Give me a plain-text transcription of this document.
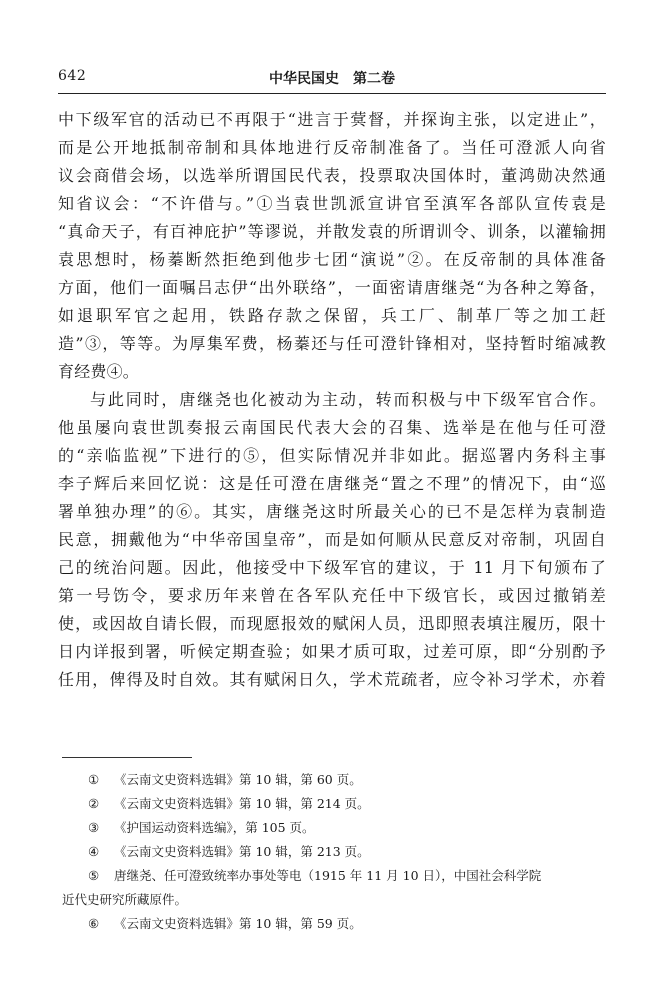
642	中华民国史　第二卷
中下级军官的活动已不再限于“进言于蓂督，并探询主张，以定进止”，
而是公开地抵制帝制和具体地进行反帝制准备了。当任可澄派人向省
议会商借会场，以选举所谓国民代表，投票取决国体时，董鸿勋决然通
知省议会：“不许借与。”①当袁世凯派宣讲官至滇军各部队宣传袁是
“真命天子，有百神庇护”等谬说，并散发袁的所谓训令、训条，以灌输拥
袁思想时，杨蓁断然拒绝到他步七团“演说”②。在反帝制的具体准备
方面，他们一面嘱吕志伊“出外联络”，一面密请唐继尧“为各种之筹备，
如退职军官之起用，铁路存款之保留，兵工厂、制革厂等之加工赶
造”③，等等。为厚集军费，杨蓁还与任可澄针锋相对，坚持暂时缩减教
育经费④。
与此同时，唐继尧也化被动为主动，转而积极与中下级军官合作。
他虽屡向袁世凯奏报云南国民代表大会的召集、选举是在他与任可澄
的“亲临监视”下进行的⑤，但实际情况并非如此。据巡署内务科主事
李子辉后来回忆说：这是任可澄在唐继尧“置之不理”的情况下，由“巡
署单独办理”的⑥。其实，唐继尧这时所最关心的已不是怎样为袁制造
民意，拥戴他为“中华帝国皇帝”，而是如何顺从民意反对帝制，巩固自
己的统治问题。因此，他接受中下级军官的建议，于 11 月下旬颁布了
第一号饬令，要求历年来曾在各军队充任中下级官长，或因过撤销差
使，或因故自请长假，而现愿报效的赋闲人员，迅即照表填注履历，限十
日内详报到署，听候定期查验；如果才质可取，过差可原，即“分别酌予
任用，俾得及时自效。其有赋闲日久，学术荒疏者，应令补习学术，亦着
① 《云南文史资料选辑》第 10 辑，第 60 页。
② 《云南文史资料选辑》第 10 辑，第 214 页。
③ 《护国运动资料选编》，第 105 页。
④ 《云南文史资料选辑》第 10 辑，第 213 页。
⑤ 唐继尧、任可澄致统率办事处等电（1915 年 11 月 10 日），中国社会科学院
近代史研究所藏原件。
⑥ 《云南文史资料选辑》第 10 辑，第 59 页。
